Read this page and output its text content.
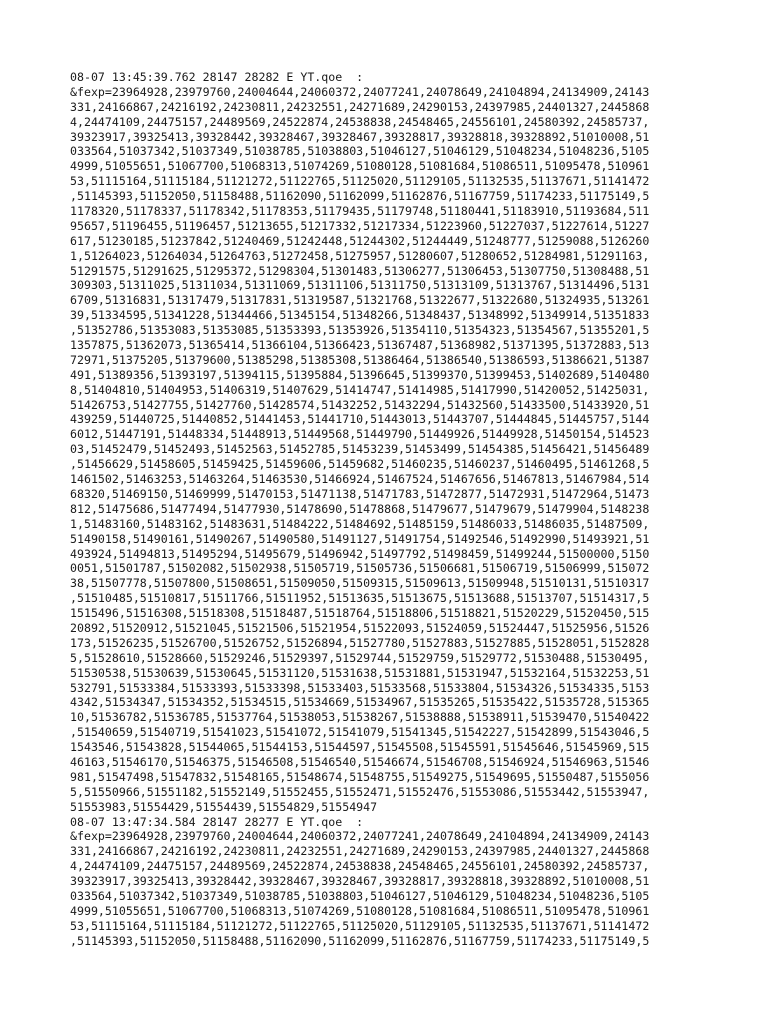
08-07 13:45:39.762 28147 28282 E YT.qoe  :
&fexp=23964928,23979760,24004644,24060372,24077241,24078649,24104894,24134909,24143
331,24166867,24216192,24230811,24232551,24271689,24290153,24397985,24401327,2445868
4,24474109,24475157,24489569,24522874,24538838,24548465,24556101,24580392,24585737,
39323917,39325413,39328442,39328467,39328467,39328817,39328818,39328892,51010008,51
033564,51037342,51037349,51038785,51038803,51046127,51046129,51048234,51048236,5105
4999,51055651,51067700,51068313,51074269,51080128,51081684,51086511,51095478,510961
53,51115164,51115184,51121272,51122765,51125020,51129105,51132535,51137671,51141472
,51145393,51152050,51158488,51162090,51162099,51162876,51167759,51174233,51175149,5
1178320,51178337,51178342,51178353,51179435,51179748,51180441,51183910,51193684,511
95657,51196455,51196457,51213655,51217332,51217334,51223960,51227037,51227614,51227
617,51230185,51237842,51240469,51242448,51244302,51244449,51248777,51259088,5126260
1,51264023,51264034,51264763,51272458,51275957,51280607,51280652,51284981,51291163,
51291575,51291625,51295372,51298304,51301483,51306277,51306453,51307750,51308488,51
309303,51311025,51311034,51311069,51311106,51311750,51313109,51313767,51314496,5131
6709,51316831,51317479,51317831,51319587,51321768,51322677,51322680,51324935,513261
39,51334595,51341228,51344466,51345154,51348266,51348437,51348992,51349914,51351833
,51352786,51353083,51353085,51353393,51353926,51354110,51354323,51354567,51355201,5
1357875,51362073,51365414,51366104,51366423,51367487,51368982,51371395,51372883,513
72971,51375205,51379600,51385298,51385308,51386464,51386540,51386593,51386621,51387
491,51389356,51393197,51394115,51395884,51396645,51399370,51399453,51402689,5140480
8,51404810,51404953,51406319,51407629,51414747,51414985,51417990,51420052,51425031,
51426753,51427755,51427760,51428574,51432252,51432294,51432560,51433500,51433920,51
439259,51440725,51440852,51441453,51441710,51443013,51443707,51444845,51445757,5144
6012,51447191,51448334,51448913,51449568,51449790,51449926,51449928,51450154,514523
03,51452479,51452493,51452563,51452785,51453239,51453499,51454385,51456421,51456489
,51456629,51458605,51459425,51459606,51459682,51460235,51460237,51460495,51461268,5
1461502,51463253,51463264,51463530,51466924,51467524,51467656,51467813,51467984,514
68320,51469150,51469999,51470153,51471138,51471783,51472877,51472931,51472964,51473
812,51475686,51477494,51477930,51478690,51478868,51479677,51479679,51479904,5148238
1,51483160,51483162,51483631,51484222,51484692,51485159,51486033,51486035,51487509,
51490158,51490161,51490267,51490580,51491127,51491754,51492546,51492990,51493921,51
493924,51494813,51495294,51495679,51496942,51497792,51498459,51499244,51500000,5150
0051,51501787,51502082,51502938,51505719,51505736,51506681,51506719,51506999,515072
38,51507778,51507800,51508651,51509050,51509315,51509613,51509948,51510131,51510317
,51510485,51510817,51511766,51511952,51513635,51513675,51513688,51513707,51514317,5
1515496,51516308,51518308,51518487,51518764,51518806,51518821,51520229,51520450,515
20892,51520912,51521045,51521506,51521954,51522093,51524059,51524447,51525956,51526
173,51526235,51526700,51526752,51526894,51527780,51527883,51527885,51528051,5152828
5,51528610,51528660,51529246,51529397,51529744,51529759,51529772,51530488,51530495,
51530538,51530639,51530645,51531120,51531638,51531881,51531947,51532164,51532253,51
532791,51533384,51533393,51533398,51533403,51533568,51533804,51534326,51534335,5153
4342,51534347,51534352,51534515,51534669,51534967,51535265,51535422,51535728,515365
10,51536782,51536785,51537764,51538053,51538267,51538888,51538911,51539470,51540422
,51540659,51540719,51541023,51541072,51541079,51541345,51542227,51542899,51543046,5
1543546,51543828,51544065,51544153,51544597,51545508,51545591,51545646,51545969,515
46163,51546170,51546375,51546508,51546540,51546674,51546708,51546924,51546963,51546
981,51547498,51547832,51548165,51548674,51548755,51549275,51549695,51550487,5155056
5,51550966,51551182,51552149,51552455,51552471,51552476,51553086,51553442,51553947,
51553983,51554429,51554439,51554829,51554947
08-07 13:47:34.584 28147 28277 E YT.qoe  :
&fexp=23964928,23979760,24004644,24060372,24077241,24078649,24104894,24134909,24143
331,24166867,24216192,24230811,24232551,24271689,24290153,24397985,24401327,2445868
4,24474109,24475157,24489569,24522874,24538838,24548465,24556101,24580392,24585737,
39323917,39325413,39328442,39328467,39328467,39328817,39328818,39328892,51010008,51
033564,51037342,51037349,51038785,51038803,51046127,51046129,51048234,51048236,5105
4999,51055651,51067700,51068313,51074269,51080128,51081684,51086511,51095478,510961
53,51115164,51115184,51121272,51122765,51125020,51129105,51132535,51137671,51141472
,51145393,51152050,51158488,51162090,51162099,51162876,51167759,51174233,51175149,5
